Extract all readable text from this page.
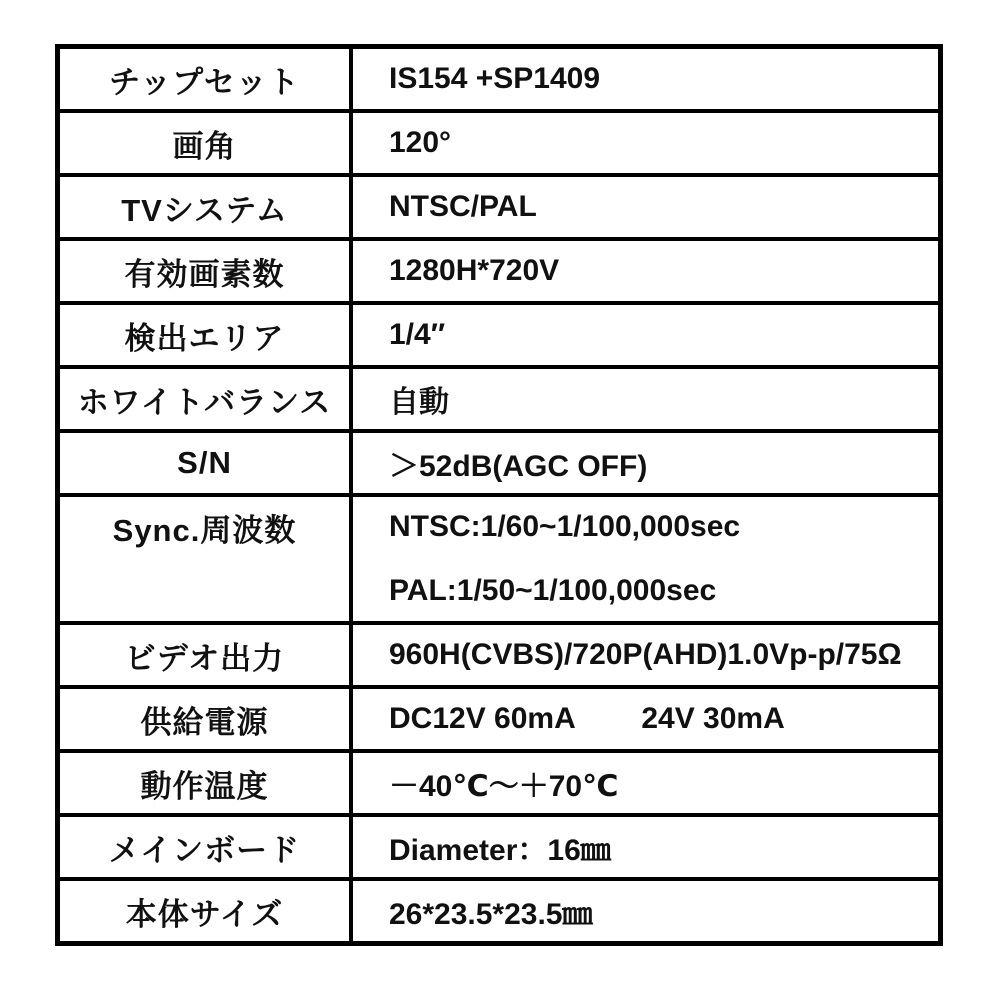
チップセット	IS154 +SP1409

画角	120°

TVシステム	NTSC/PAL

有効画素数	1280H*720V

検出エリア	1/4″

ホワイトバランス	自動

S/N	＞52dB(AGC OFF)

Sync.周波数	NTSC:1/60~1/100,000sec
PAL:1/50~1/100,000sec

ビデオ出力	960H(CVBS)/720P(AHD)1.0Vp-p/75Ω

供給電源	DC12V 60mA        24V 30mA

動作温度	－40℃～＋70℃

メインボード	Diameter：16㎜

本体サイズ	26*23.5*23.5㎜
